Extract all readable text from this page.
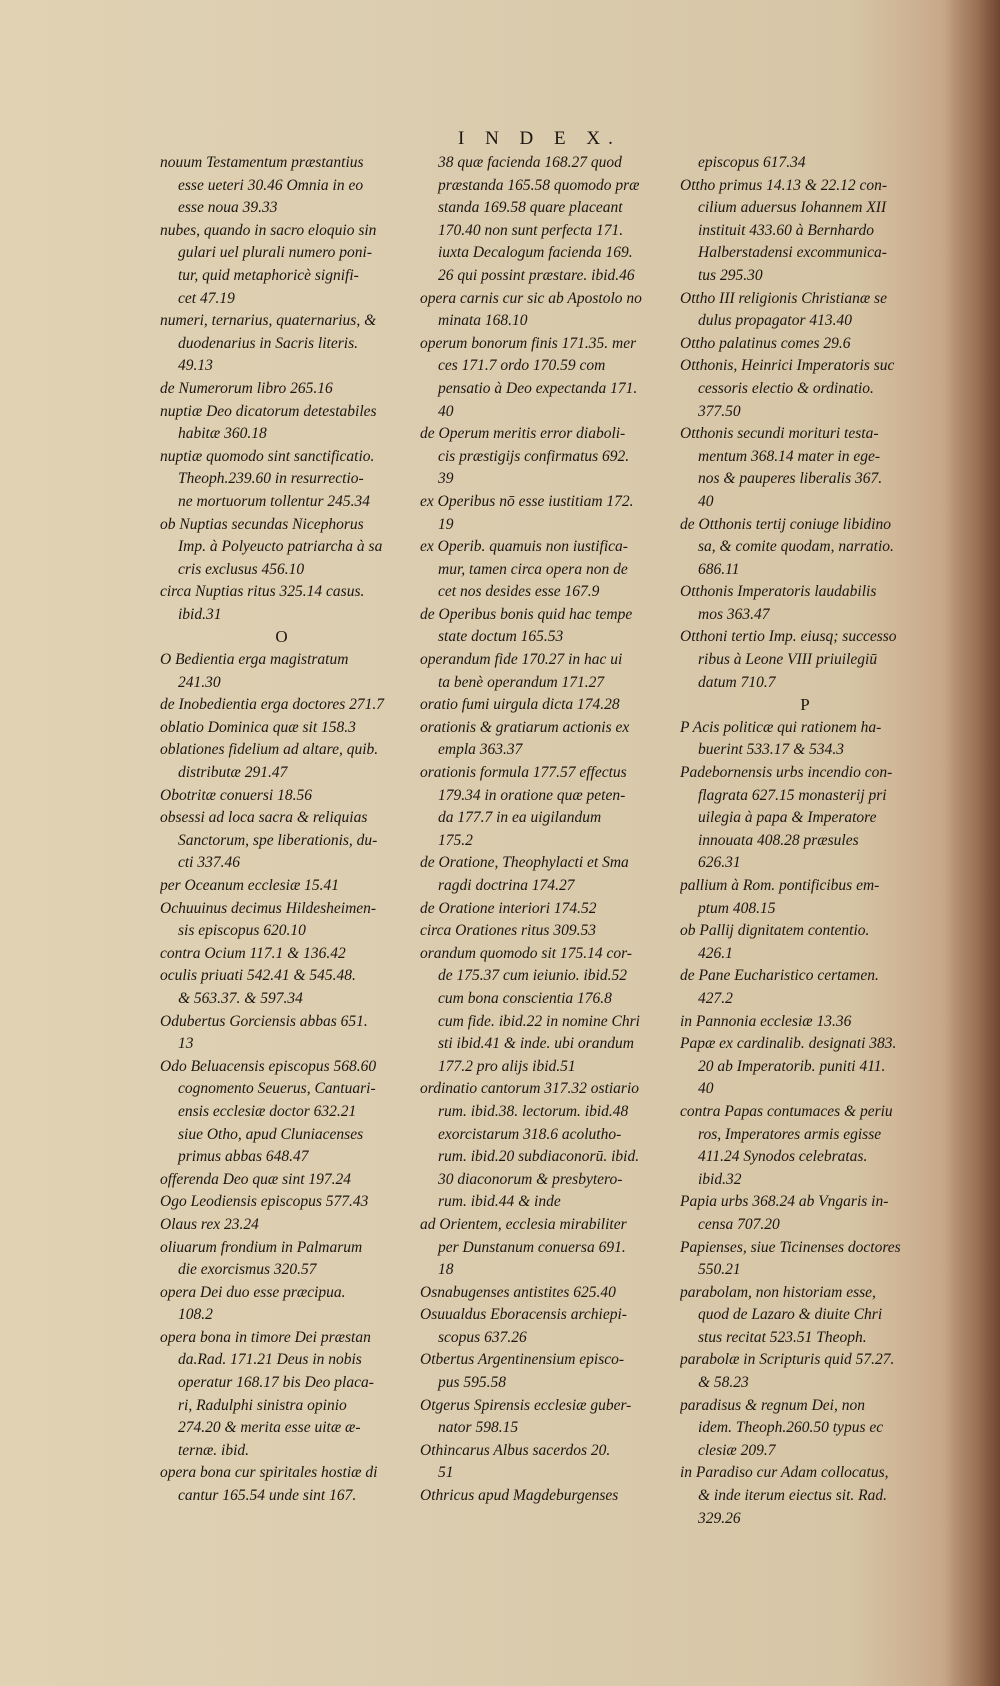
I N D E X.
nouum Testamentum præstantius
esse ueteri 30.46 Omnia in eo
esse noua 39.33
nubes, quando in sacro eloquio sin
gulari uel plurali numero poni-
tur, quid metaphoricè signifi-
cet 47.19
numeri, ternarius, quaternarius, &
duodenarius in Sacris literis.
49.13
de Numerorum libro 265.16
nuptiæ Deo dicatorum detestabiles
habitæ 360.18
nuptiæ quomodo sint sanctificatio.
Theoph.239.60 in resurrectio-
ne mortuorum tollentur 245.34
ob Nuptias secundas Nicephorus
Imp. à Polyeucto patriarcha à sa
cris exclusus 456.10
circa Nuptias ritus 325.14 casus.
ibid.31
O
O Bedientia erga magistratum
241.30
de Inobedientia erga doctores 271.7
oblatio Dominica quæ sit 158.3
oblationes fidelium ad altare, quib.
distributæ 291.47
Obotritæ conuersi 18.56
obsessi ad loca sacra & reliquias
Sanctorum, spe liberationis, du-
cti 337.46
per Oceanum ecclesiæ 15.41
Ochuuinus decimus Hildesheimen-
sis episcopus 620.10
contra Ocium 117.1 & 136.42
oculis priuati 542.41 & 545.48.
& 563.37. & 597.34
Odubertus Gorciensis abbas 651.
13
Odo Beluacensis episcopus 568.60
cognomento Seuerus, Cantuari-
ensis ecclesiæ doctor 632.21
siue Otho, apud Cluniacenses
primus abbas 648.47
offerenda Deo quæ sint 197.24
Ogo Leodiensis episcopus 577.43
Olaus rex 23.24
oliuarum frondium in Palmarum
die exorcismus 320.57
opera Dei duo esse præcipua.
108.2
opera bona in timore Dei præstan
da.Rad. 171.21 Deus in nobis
operatur 168.17 bis Deo placa-
ri, Radulphi sinistra opinio
274.20 & merita esse uitæ æ-
ternæ. ibid.
opera bona cur spiritales hostiæ di
cantur 165.54 unde sint 167.
38 quæ facienda 168.27 quod
præstanda 165.58 quomodo præ
standa 169.58 quare placeant
170.40 non sunt perfecta 171.
iuxta Decalogum facienda 169.
26 qui possint præstare. ibid.46
opera carnis cur sic ab Apostolo no
minata 168.10
operum bonorum finis 171.35. mer
ces 171.7 ordo 170.59 com
pensatio à Deo expectanda 171.
40
de Operum meritis error diaboli-
cis præstigijs confirmatus 692.
39
ex Operibus nō esse iustitiam 172.
19
ex Operib. quamuis non iustifica-
mur, tamen circa opera non de
cet nos desides esse 167.9
de Operibus bonis quid hac tempe
state doctum 165.53
operandum fide 170.27 in hac ui
ta benè operandum 171.27
oratio fumi uirgula dicta 174.28
orationis & gratiarum actionis ex
empla 363.37
orationis formula 177.57 effectus
179.34 in oratione quæ peten-
da 177.7 in ea uigilandum
175.2
de Oratione, Theophylacti et Sma
ragdi doctrina 174.27
de Oratione interiori 174.52
circa Orationes ritus 309.53
orandum quomodo sit 175.14 cor-
de 175.37 cum ieiunio. ibid.52
cum bona conscientia 176.8
cum fide. ibid.22 in nomine Chri
sti ibid.41 & inde. ubi orandum
177.2 pro alijs ibid.51
ordinatio cantorum 317.32 ostiario
rum. ibid.38. lectorum. ibid.48
exorcistarum 318.6 acolutho-
rum. ibid.20 subdiaconorū. ibid.
30 diaconorum & presbytero-
rum. ibid.44 & inde
ad Orientem, ecclesia mirabiliter
per Dunstanum conuersa 691.
18
Osnabugenses antistites 625.40
Osuualdus Eboracensis archiepi-
scopus 637.26
Otbertus Argentinensium episco-
pus 595.58
Otgerus Spirensis ecclesiæ guber-
nator 598.15
Othincarus Albus sacerdos 20.
51
Othricus apud Magdeburgenses
episcopus 617.34
Ottho primus 14.13 & 22.12 con-
cilium aduersus Iohannem XII
instituit 433.60 à Bernhardo
Halberstadensi excommunica-
tus 295.30
Ottho III religionis Christianæ se
dulus propagator 413.40
Ottho palatinus comes 29.6
Otthonis, Heinrici Imperatoris suc
cessoris electio & ordinatio.
377.50
Otthonis secundi morituri testa-
mentum 368.14 mater in ege-
nos & pauperes liberalis 367.
40
de Otthonis tertij coniuge libidino
sa, & comite quodam, narratio.
686.11
Otthonis Imperatoris laudabilis
mos 363.47
Otthoni tertio Imp. eiusq; successo
ribus à Leone VIII priuilegiū
datum 710.7
P
P Acis politicæ qui rationem ha-
buerint 533.17 & 534.3
Padebornensis urbs incendio con-
flagrata 627.15 monasterij pri
uilegia à papa & Imperatore
innouata 408.28 præsules
626.31
pallium à Rom. pontificibus em-
ptum 408.15
ob Pallij dignitatem contentio.
426.1
de Pane Eucharistico certamen.
427.2
in Pannonia ecclesiæ 13.36
Papæ ex cardinalib. designati 383.
20 ab Imperatorib. puniti 411.
40
contra Papas contumaces & periu
ros, Imperatores armis egisse
411.24 Synodos celebratas.
ibid.32
Papia urbs 368.24 ab Vngaris in-
censa 707.20
Papienses, siue Ticinenses doctores
550.21
parabolam, non historiam esse,
quod de Lazaro & diuite Chri
stus recitat 523.51 Theoph.
parabolæ in Scripturis quid 57.27.
& 58.23
paradisus & regnum Dei, non
idem. Theoph.260.50 typus ec
clesiæ 209.7
in Paradiso cur Adam collocatus,
& inde iterum eiectus sit. Rad.
329.26
